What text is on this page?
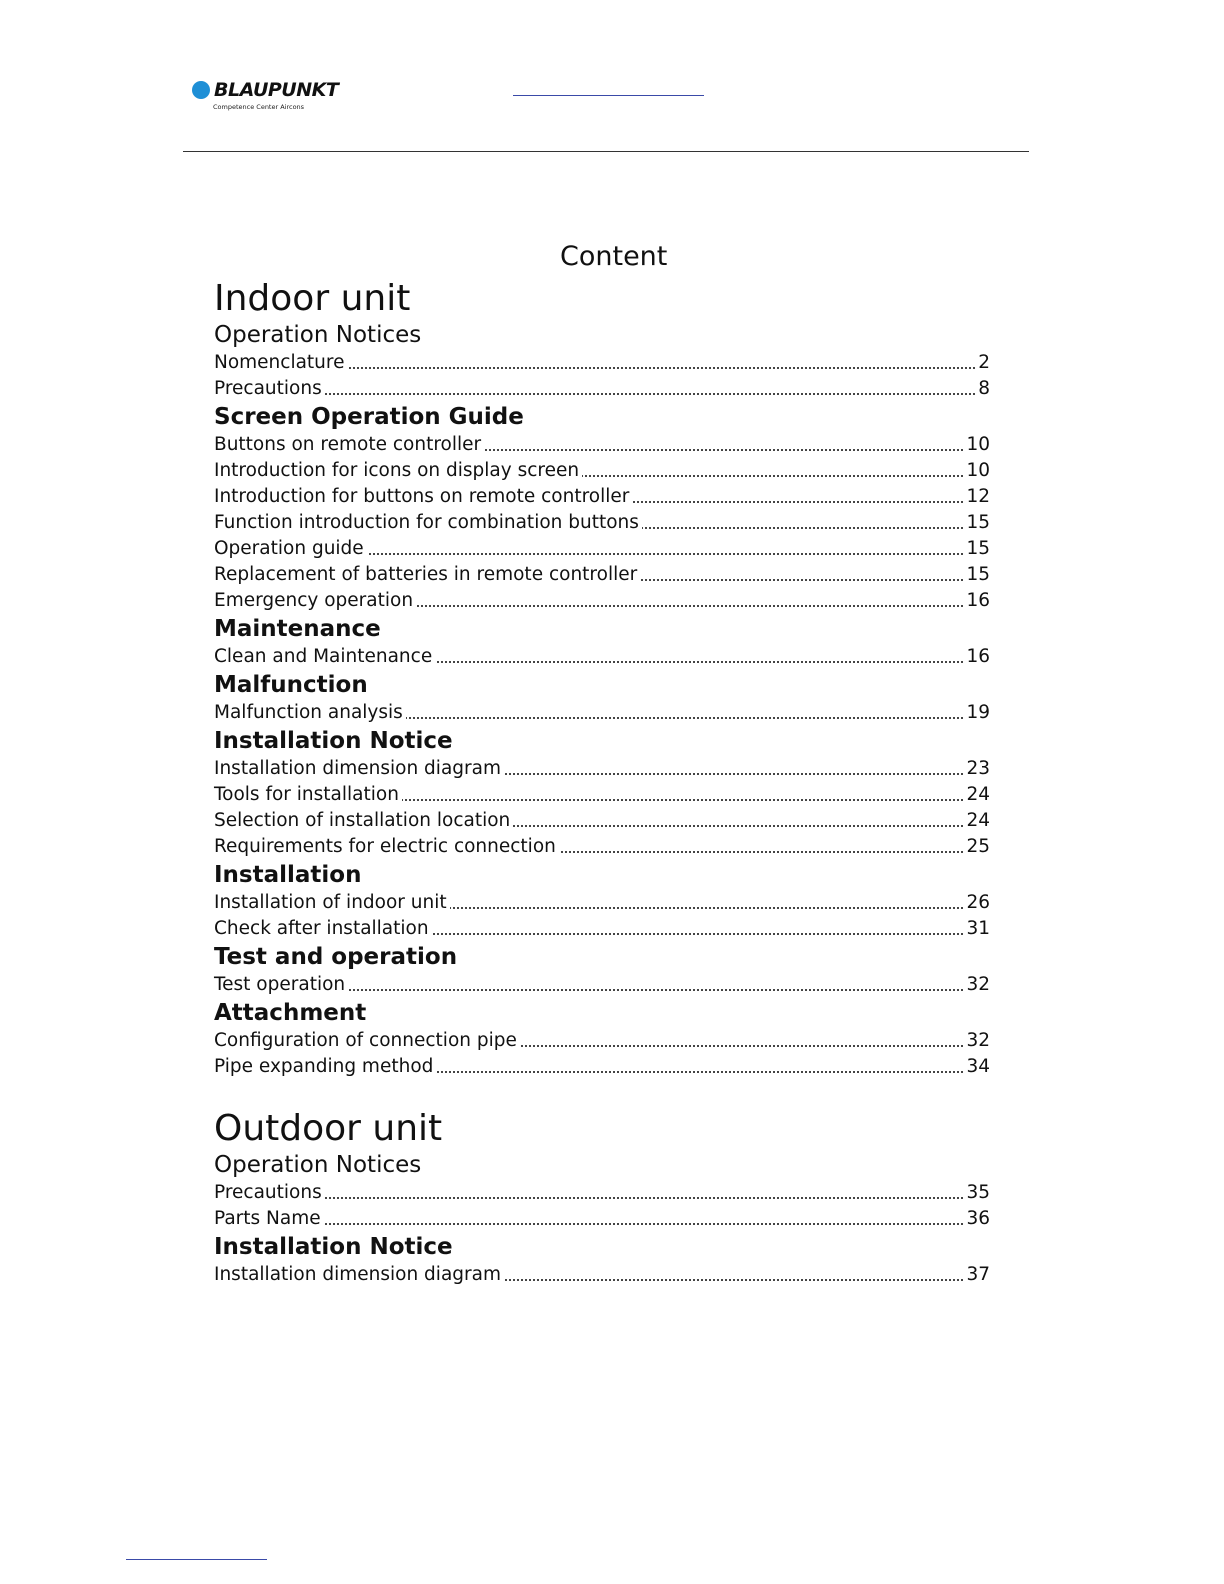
BLAUPUNKT
Competence Center Aircons
Content
Indoor unit
Operation Notices
Nomenclature	2
Precautions	8
Screen Operation Guide
Buttons on remote controller	10
Introduction for icons on display screen	10
Introduction for buttons on remote controller	12
Function introduction for combination buttons	15
Operation guide	15
Replacement of batteries in remote controller	15
Emergency operation	16
Maintenance
Clean and Maintenance	16
Malfunction
Malfunction analysis	19
Installation Notice
Installation dimension diagram	23
Tools for installation	24
Selection of installation location	24
Requirements for electric connection	25
Installation
Installation of indoor unit	26
Check after installation	31
Test and operation
Test operation	32
Attachment
Configuration of connection pipe	32
Pipe expanding method	34
Outdoor unit
Operation Notices
Precautions	35
Parts Name	36
Installation Notice
Installation dimension diagram	37
